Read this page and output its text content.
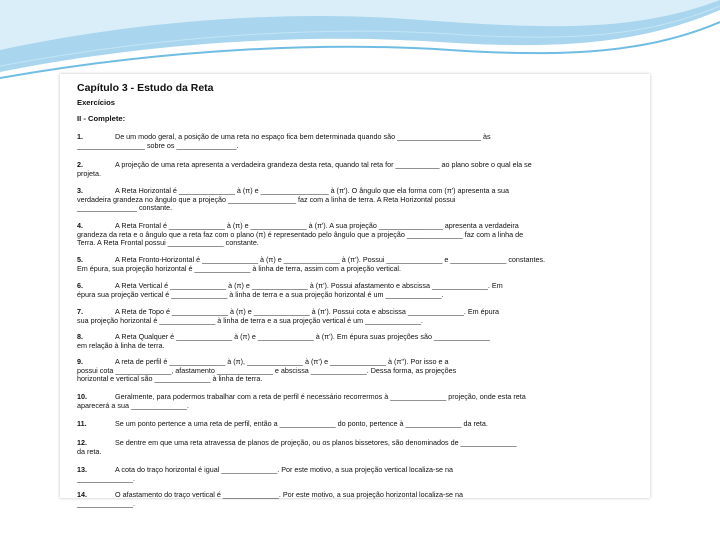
Capítulo 3 - Estudo da Reta
Exercícios
II - Complete:
1.	De um modo geral, a posição de uma reta no espaço fica bem determinada quando são _____________________ às
_________________ sobre os _______________.
2.	A projeção de uma reta apresenta a verdadeira grandeza desta reta, quando tal reta for ___________ ao plano sobre o qual ela se
projeta.
3.	A Reta Horizontal é ______________ à (π) e _________________ à (π'). O ângulo que ela forma com (π') apresenta a sua
verdadeira grandeza no ângulo que a projeção _________________ faz com a linha de terra. A Reta Horizontal possui
_______________ constante.
4.	A Reta Frontal é ______________ à (π) e ______________ à (π'). A sua projeção ________________ apresenta a verdadeira
grandeza da reta e o ângulo que a reta faz com o plano (π) é representado pelo ângulo que a projeção ______________ faz com a linha de
Terra. A Reta Frontal possui ______________ constante.
5.	A Reta Fronto-Horizontal é ______________ à (π) e ______________ à (π'). Possui ______________ e ______________ constantes.
Em épura, sua projeção horizontal é ______________ à linha de terra, assim com a projeção vertical.
6.	A Reta Vertical é ______________ à (π) e ______________ à (π'). Possui afastamento e abscissa ______________. Em
épura sua projeção vertical é ______________ à linha de terra e a sua projeção horizontal é um ______________.
7.	A Reta de Topo é ______________ à (π) e ______________ à (π'). Possui cota e abscissa ______________. Em épura
sua projeção horizontal é ______________ à linha de terra e a sua projeção vertical é um ______________.
8.	A Reta Qualquer é ______________ à (π) e ______________ à (π'). Em épura suas projeções são ______________
em relação à linha de terra.
9.	A reta de perfil é ______________ à (π), ______________ à (π') e ______________ à (π''). Por isso e a
possui cota ______________, afastamento ______________ e abscissa ______________. Dessa forma, as projeções
horizontal e vertical são ______________ à linha de terra.
10.	Geralmente, para podermos trabalhar com a reta de perfil é necessário recorrermos à ______________ projeção, onde esta reta
aparecerá a sua ______________.
11.	Se um ponto pertence a uma reta de perfil, então a ______________ do ponto, pertence à ______________ da reta.
12.	Se dentre em que uma reta atravessa de planos de projeção, ou os planos bissetores, são denominados de ______________
da reta.
13.	A cota do traço horizontal é igual ______________. Por este motivo, a sua projeção vertical localiza-se na
______________.
14.	O afastamento do traço vertical é ______________. Por este motivo, a sua projeção horizontal localiza-se na
______________.
